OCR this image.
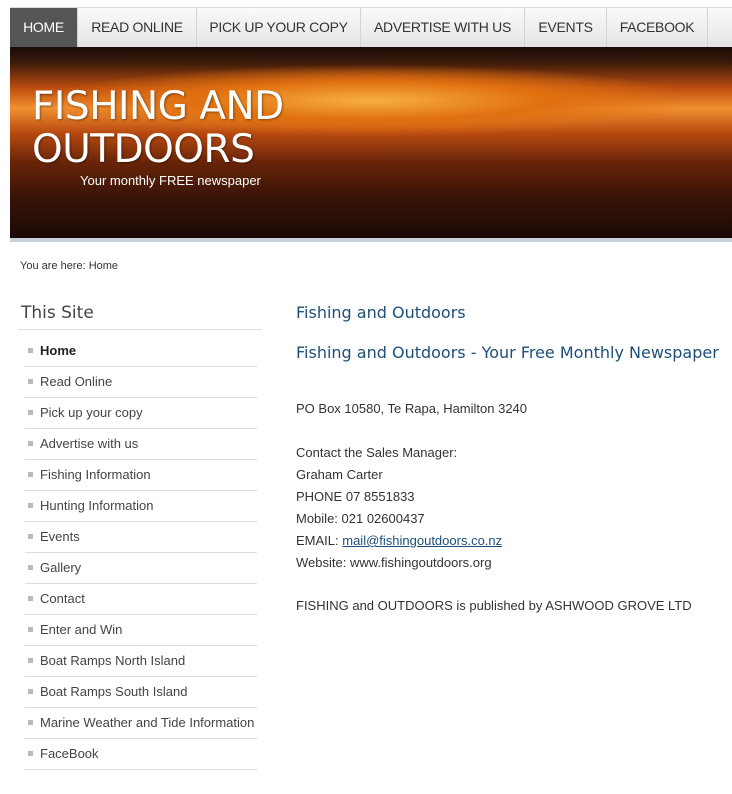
HOME	READ ONLINE	PICK UP YOUR COPY	ADVERTISE WITH US	EVENTS	FACEBOOK
FISHING AND
OUTDOORS
Your monthly FREE newspaper
You are here: Home
This Site
Home
Read Online
Pick up your copy
Advertise with us
Fishing Information
Hunting Information
Events
Gallery
Contact
Enter and Win
Boat Ramps North Island
Boat Ramps South Island
Marine Weather and Tide Information
FaceBook
Fishing and Outdoors
Fishing and Outdoors - Your Free Monthly Newspaper

PO Box 10580, Te Rapa, Hamilton 3240

Contact the Sales Manager:

Graham Carter

PHONE 07 8551833

Mobile: 021 02600437

EMAIL: mail@fishingoutdoors.co.nz

Website: www.fishingoutdoors.org

FISHING and OUTDOORS is published by ASHWOOD GROVE LTD
